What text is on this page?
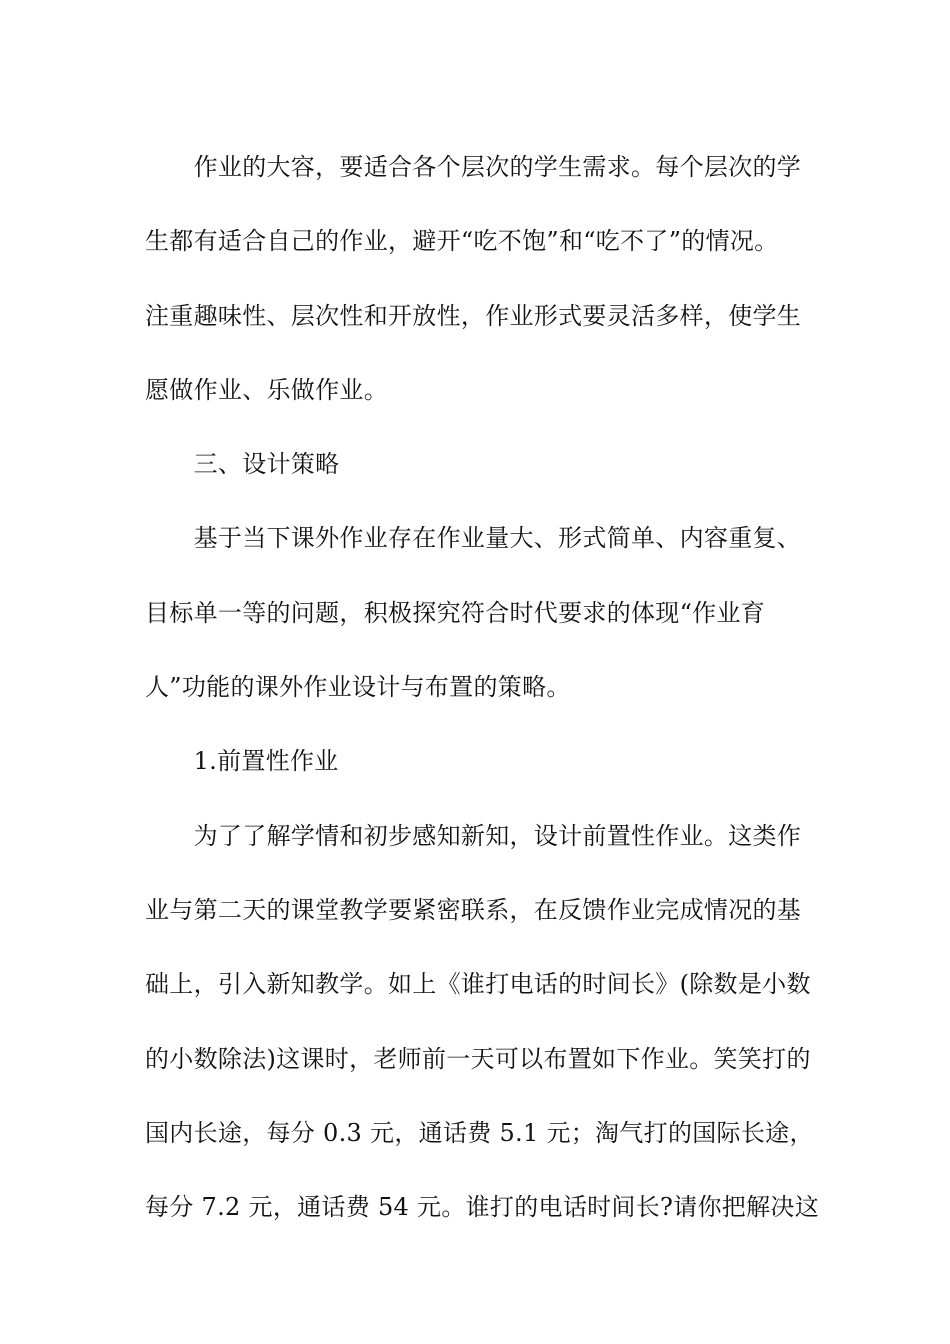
　　作业的大容，要适合各个层次的学生需求。每个层次的学
生都有适合自己的作业，避开“吃不饱”和“吃不了”的情况。
注重趣味性、层次性和开放性，作业形式要灵活多样，使学生
愿做作业、乐做作业。

　　三、设计策略

　　基于当下课外作业存在作业量大、形式简单、内容重复、
目标单一等的问题，积极探究符合时代要求的体现“作业育
人”功能的课外作业设计与布置的策略。

　　1.前置性作业

　　为了了解学情和初步感知新知，设计前置性作业。这类作
业与第二天的课堂教学要紧密联系，在反馈作业完成情况的基
础上，引入新知教学。如上《谁打电话的时间长》(除数是小数
的小数除法)这课时，老师前一天可以布置如下作业。笑笑打的
国内长途，每分 0.3 元，通话费 5.1 元；淘气打的国际长途，
每分 7.2 元，通话费 54 元。谁打的电话时间长?请你把解决这
